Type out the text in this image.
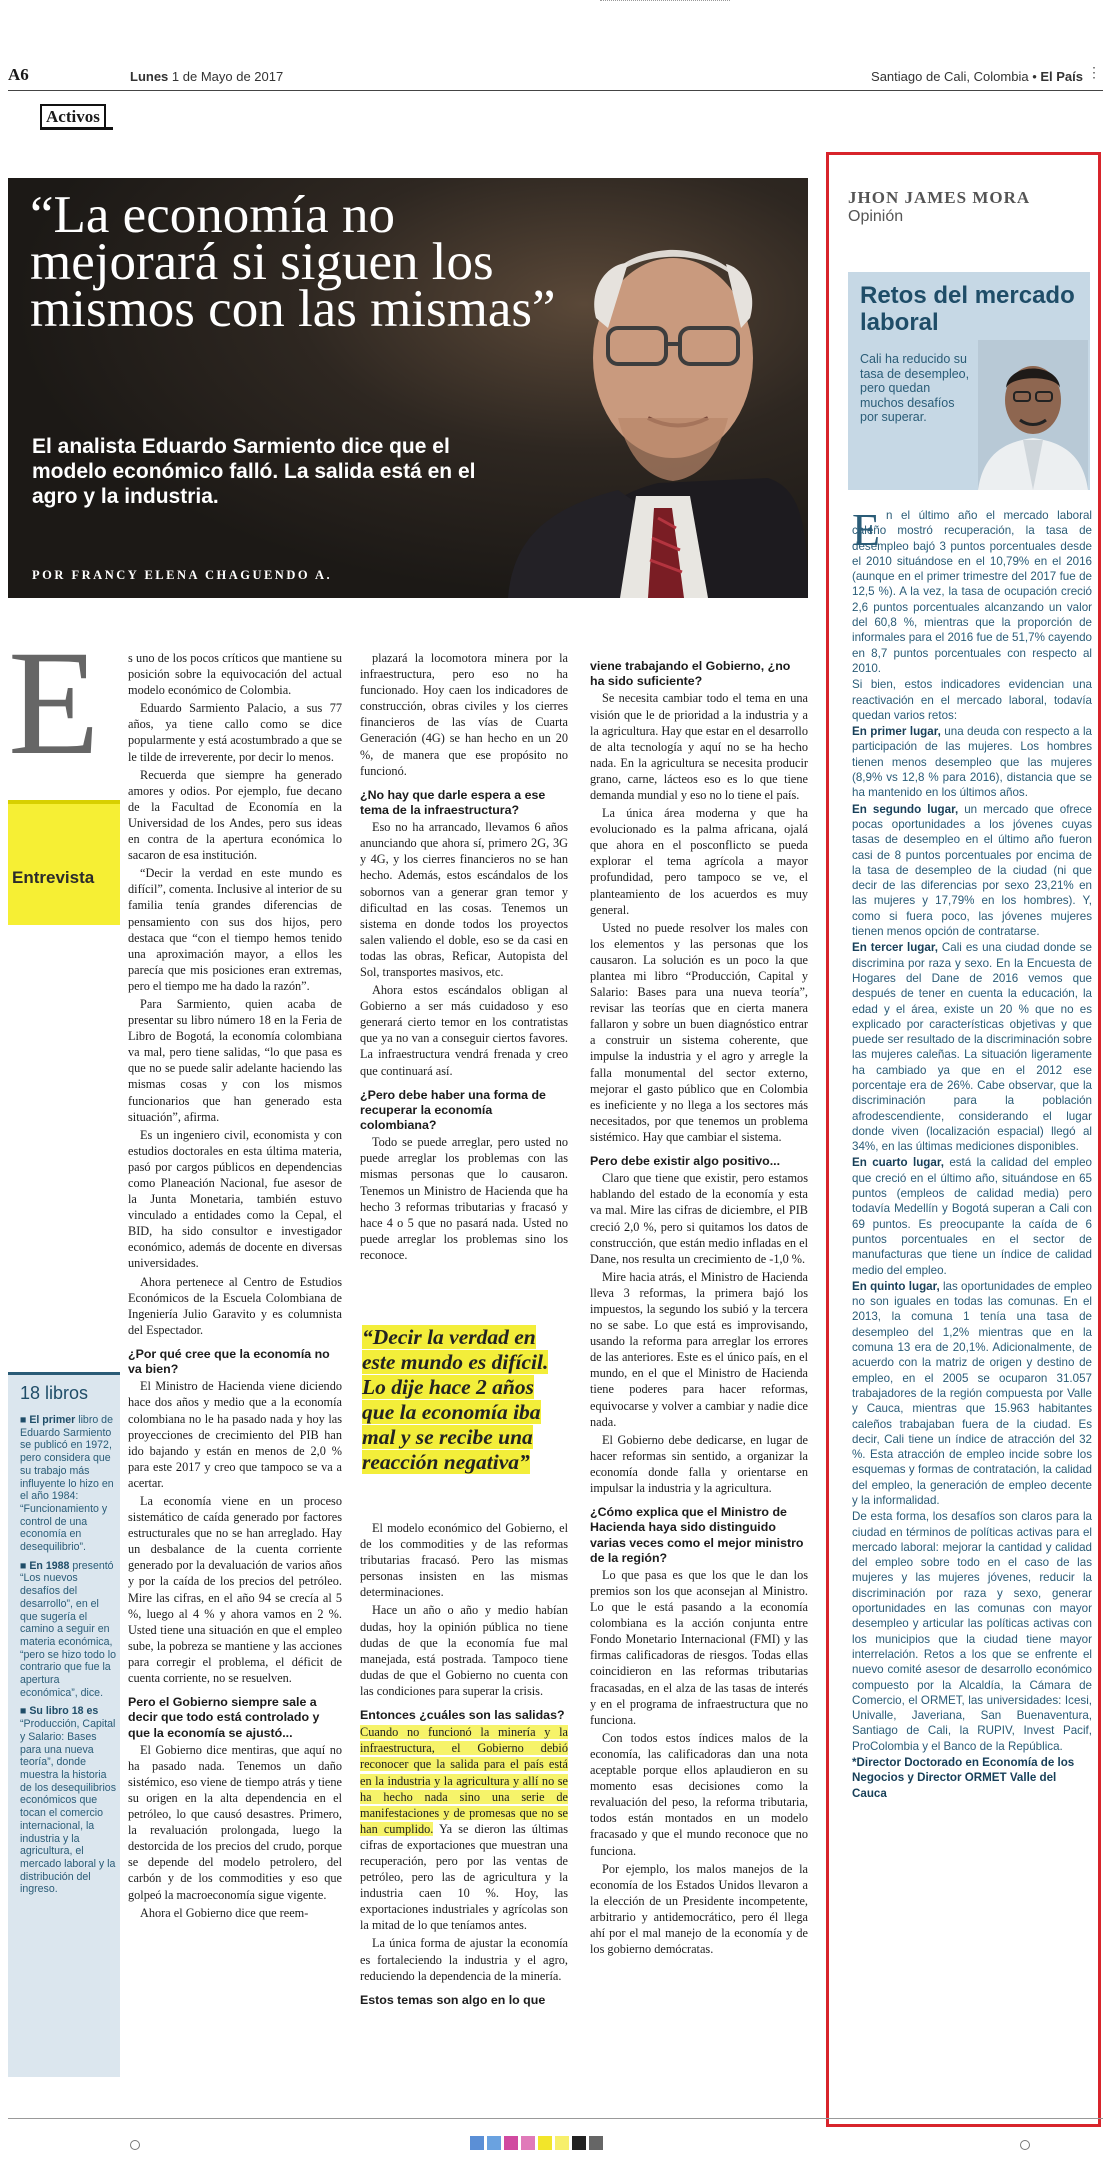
A6	Lunes 1 de Mayo de 2017	Santiago de Cali, Colombia • El País ⋮
Activos
“La economía no mejorará si siguen los mismos con las mismas”
El analista Eduardo Sarmiento dice que el modelo económico falló. La salida está en el agro y la industria.
POR FRANCY ELENA CHAGUENDO A.
E
Entrevista

s uno de los pocos críticos que mantiene su posición sobre la equivocación del actual modelo económico de Colombia.

Eduardo Sarmiento Palacio, a sus 77 años, ya tiene callo como se dice popularmente y está acostumbrado a que se le tilde de irreverente, por decir lo menos.

Recuerda que siempre ha generado amores y odios. Por ejemplo, fue decano de la Facultad de Economía en la Universidad de los Andes, pero sus ideas en contra de la apertura económica lo sacaron de esa institución.

“Decir la verdad en este mundo es difícil”, comenta. Inclusive al interior de su familia tenía grandes diferencias de pensamiento con sus dos hijos, pero destaca que “con el tiempo hemos tenido una aproximación mayor, a ellos les parecía que mis posiciones eran extremas, pero el tiempo me ha dado la razón”.

Para Sarmiento, quien acaba de presentar su libro número 18 en la Feria de Libro de Bogotá, la economía colombiana va mal, pero tiene salidas, “lo que pasa es que no se puede salir adelante haciendo las mismas cosas y con los mismos funcionarios que han generado esta situación”, afirma.

Es un ingeniero civil, economista y con estudios doctorales en esta última materia, pasó por cargos públicos en dependencias como Planeación Nacional, fue asesor de la Junta Monetaria, también estuvo vinculado a entidades como la Cepal, el BID, ha sido consultor e investigador económico, además de docente en diversas universidades.

Ahora pertenece al Centro de Estudios Económicos de la Escuela Colombiana de Ingeniería Julio Garavito y es columnista del Espectador.

¿Por qué cree que la economía no va bien?

El Ministro de Hacienda viene diciendo hace dos años y medio que a la economía colombiana no le ha pasado nada y hoy las proyecciones de crecimiento del PIB han ido bajando y están en menos de 2,0 % para este 2017 y creo que tampoco se va a acertar.

La economía viene en un proceso sistemático de caída generado por factores estructurales que no se han arreglado. Hay un desbalance de la cuenta corriente generado por la devaluación de varios años y por la caída de los precios del petróleo. Mire las cifras, en el año 94 se crecía al 5 %, luego al 4 % y ahora vamos en 2 %. Usted tiene una situación en que el empleo sube, la pobreza se mantiene y las acciones para corregir el problema, el déficit de cuenta corriente, no se resuelven.

Pero el Gobierno siempre sale a decir que todo está controlado y que la economía se ajustó...

El Gobierno dice mentiras, que aquí no ha pasado nada. Tenemos un daño sistémico, eso viene de tiempo atrás y tiene su origen en la alta dependencia en el petróleo, lo que causó desastres. Primero, la revaluación prolongada, luego la destorcida de los precios del crudo, porque se depende del modelo petrolero, del carbón y de los commodities y eso que golpeó la macroeconomía sigue vigente.

Ahora el Gobierno dice que reem-

plazará la locomotora minera por la infraestructura, pero eso no ha funcionado. Hoy caen los indicadores de construcción, obras civiles y los cierres financieros de las vías de Cuarta Generación (4G) se han hecho en un 20 %, de manera que ese propósito no funcionó.

¿No hay que darle espera a ese tema de la infraestructura?

Eso no ha arrancado, llevamos 6 años anunciando que ahora sí, primero 2G, 3G y 4G, y los cierres financieros no se han hecho. Además, estos escándalos de los sobornos van a generar gran temor y dificultad en las cosas. Tenemos un sistema en donde todos los proyectos salen valiendo el doble, eso se da casi en todas las obras, Reficar, Autopista del Sol, transportes masivos, etc.

Ahora estos escándalos obligan al Gobierno a ser más cuidadoso y eso generará cierto temor en los contratistas que ya no van a conseguir ciertos favores. La infraestructura vendrá frenada y creo que continuará así.

¿Pero debe haber una forma de recuperar la economía colombiana?

Todo se puede arreglar, pero usted no puede arreglar los problemas con las mismas personas que lo causaron. Tenemos un Ministro de Hacienda que ha hecho 3 reformas tributarias y fracasó y hace 4 o 5 que no pasará nada. Usted no puede arreglar los problemas sino los reconoce.

“Decir la verdad en este mundo es difícil. Lo dije hace 2 años que la economía iba mal y se recibe una reacción negativa”

El modelo económico del Gobierno, el de los commodities y de las reformas tributarias fracasó. Pero las mismas personas insisten en las mismas determinaciones.

Hace un año o año y medio habían dudas, hoy la opinión pública no tiene dudas de que la economía fue mal manejada, está postrada. Tampoco tiene dudas de que el Gobierno no cuenta con las condiciones para superar la crisis.

Entonces ¿cuáles son las salidas?

Cuando no funcionó la minería y la infraestructura, el Gobierno debió reconocer que la salida para el país está en la industria y la agricultura y allí no se ha hecho nada sino una serie de manifestaciones y de promesas que no se han cumplido. Ya se dieron las últimas cifras de exportaciones que muestran una recuperación, pero por las ventas de petróleo, pero las de agricultura y la industria caen 10 %. Hoy, las exportaciones industriales y agrícolas son la mitad de lo que teníamos antes.

La única forma de ajustar la economía es fortaleciendo la industria y el agro, reduciendo la dependencia de la minería.

Estos temas son algo en lo que
viene trabajando el Gobierno, ¿no ha sido suficiente?

Se necesita cambiar todo el tema en una visión que le de prioridad a la industria y a la agricultura. Hay que estar en el desarrollo de alta tecnología y aquí no se ha hecho nada. En la agricultura se necesita producir grano, carne, lácteos eso es lo que tiene demanda mundial y eso no lo tiene el país.

La única área moderna y que ha evolucionado es la palma africana, ojalá que ahora en el posconflicto se pueda explorar el tema agrícola a mayor profundidad, pero tampoco se ve, el planteamiento de los acuerdos es muy general.

Usted no puede resolver los males con los elementos y las personas que los causaron. La solución es un poco la que plantea mi libro “Producción, Capital y Salario: Bases para una nueva teoría”, revisar las teorías que en cierta manera fallaron y sobre un buen diagnóstico entrar a construir un sistema coherente, que impulse la industria y el agro y arregle la falla monumental del sector externo, mejorar el gasto público que en Colombia es ineficiente y no llega a los sectores más necesitados, por que tenemos un problema sistémico. Hay que cambiar el sistema.

Pero debe existir algo positivo...

Claro que tiene que existir, pero estamos hablando del estado de la economía y esta va mal. Mire las cifras de diciembre, el PIB creció 2,0 %, pero si quitamos los datos de construcción, que están medio infladas en el Dane, nos resulta un crecimiento de -1,0 %.

Mire hacia atrás, el Ministro de Hacienda lleva 3 reformas, la primera bajó los impuestos, la segundo los subió y la tercera no se sabe. Lo que está es improvisando, usando la reforma para arreglar los errores de las anteriores. Este es el único país, en el mundo, en el que el Ministro de Hacienda tiene poderes para hacer reformas, equivocarse y volver a cambiar y nadie dice nada.

El Gobierno debe dedicarse, en lugar de hacer reformas sin sentido, a organizar la economía donde falla y orientarse en impulsar la industria y la agricultura.

¿Cómo explica que el Ministro de Hacienda haya sido distinguido varias veces como el mejor ministro de la región?

Lo que pasa es que los que le dan los premios son los que aconsejan al Ministro. Lo que le está pasando a la economía colombiana es la acción conjunta entre Fondo Monetario Internacional (FMI) y las firmas calificadoras de riesgos. Todas ellas coincidieron en las reformas tributarias fracasadas, en el alza de las tasas de interés y en el programa de infraestructura que no funciona.

Con todos estos índices malos de la economía, las calificadoras dan una nota aceptable porque ellos aplaudieron en su momento esas decisiones como la revaluación del peso, la reforma tributaria, todos están montados en un modelo fracasado y que el mundo reconoce que no funciona.

Por ejemplo, los malos manejos de la economía de los Estados Unidos llevaron a la elección de un Presidente incompetente, arbitrario y antidemocrático, pero él llega ahí por el mal manejo de la economía y de los gobierno demócratas.

18 libros
■ El primer libro de Eduardo Sarmiento se publicó en 1972, pero considera que su trabajo más influyente lo hizo en el año 1984: “Funcionamiento y control de una economía en desequilibrio”.
■ En 1988 presentó “Los nuevos desafíos del desarrollo”, en el que sugería el camino a seguir en materia económica, “pero se hizo todo lo contrario que fue la apertura económica”, dice.
■ Su libro 18 es “Producción, Capital y Salario: Bases para una nueva teoría”, donde muestra la historia de los desequilibrios económicos que tocan el comercio internacional, la industria y la agricultura, el mercado laboral y la distribución del ingreso.
JHON JAMES MORA
Opinión
Retos del mercado laboral
Cali ha reducido su tasa de desempleo, pero quedan muchos desafíos por superar.
E n el último año el mercado laboral caleño mostró recuperación, la tasa de desempleo bajó 3 puntos porcentuales desde el 2010 situándose en el 10,79% en el 2016 (aunque en el primer trimestre del 2017 fue de 12,5 %). A la vez, la tasa de ocupación creció 2,6 puntos porcentuales alcanzando un valor del 60,8 %, mientras que la proporción de informales para el 2016 fue de 51,7% cayendo en 8,7 puntos porcentuales con respecto al 2010.

Si bien, estos indicadores evidencian una reactivación en el mercado laboral, todavía quedan varios retos:

En primer lugar, una deuda con respecto a la participación de las mujeres. Los hombres tienen menos desempleo que las mujeres (8,9% vs 12,8 % para 2016), distancia que se ha mantenido en los últimos años.

En segundo lugar, un mercado que ofrece pocas oportunidades a los jóvenes cuyas tasas de desempleo en el último año fueron casi de 8 puntos porcentuales por encima de la tasa de desempleo de la ciudad (ni que decir de las diferencias por sexo 23,21% en las mujeres y 17,79% en los hombres). Y, como si fuera poco, las jóvenes mujeres tienen menos opción de contratarse.

En tercer lugar, Cali es una ciudad donde se discrimina por raza y sexo. En la Encuesta de Hogares del Dane de 2016 vemos que después de tener en cuenta la educación, la edad y el área, existe un 20 % que no es explicado por características objetivas y que puede ser resultado de la discriminación sobre las mujeres caleñas. La situación ligeramente ha cambiado ya que en el 2012 ese porcentaje era de 26%. Cabe observar, que la discriminación para la población afrodescendiente, considerando el lugar donde viven (localización espacial) llegó al 34%, en las últimas mediciones disponibles.

En cuarto lugar, está la calidad del empleo que creció en el último año, situándose en 65 puntos (empleos de calidad media) pero todavía Medellín y Bogotá superan a Cali con 69 puntos. Es preocupante la caída de 6 puntos porcentuales en el sector de manufacturas que tiene un índice de calidad medio del empleo.

En quinto lugar, las oportunidades de empleo no son iguales en todas las comunas. En el 2013, la comuna 1 tenía una tasa de desempleo del 1,2% mientras que en la comuna 13 era de 20,1%. Adicionalmente, de acuerdo con la matriz de origen y destino de empleo, en el 2005 se ocuparon 31.057 trabajadores de la región compuesta por Valle y Cauca, mientras que 15.963 habitantes caleños trabajaban fuera de la ciudad. Es decir, Cali tiene un índice de atracción del 32 %. Esta atracción de empleo incide sobre los esquemas y formas de contratación, la calidad del empleo, la generación de empleo decente y la informalidad.

De esta forma, los desafíos son claros para la ciudad en términos de políticas activas para el mercado laboral: mejorar la cantidad y calidad del empleo sobre todo en el caso de las mujeres y las mujeres jóvenes, reducir la discriminación por raza y sexo, generar oportunidades en las comunas con mayor desempleo y articular las políticas activas con los municipios que la ciudad tiene mayor interrelación. Retos a los que se enfrente el nuevo comité asesor de desarrollo económico compuesto por la Alcaldía, la Cámara de Comercio, el ORMET, las universidades: Icesi, Univalle, Javeriana, San Buenaventura, Santiago de Cali, la RUPIV, Invest Pacif, ProColombia y el Banco de la República.

*Director Doctorado en Economía de los Negocios y Director ORMET Valle del Cauca
